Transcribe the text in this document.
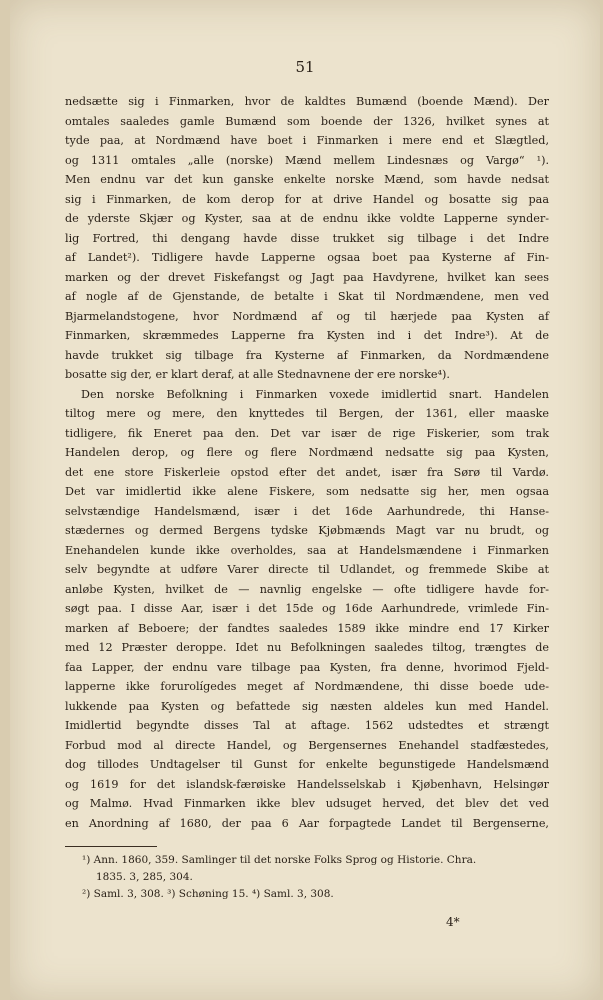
51
nedsætte sig i Finmarken, hvor de kaldtes Bumænd (boende Mænd). Der
omtales saaledes gamle Bumænd som boende der 1326, hvilket synes at
tyde paa, at Nordmænd have boet i Finmarken i mere end et Slægtled,
og 1311 omtales „alle (norske) Mænd mellem Lindesnæs og Vargø“ ¹).
Men endnu var det kun ganske enkelte norske Mænd, som havde nedsat
sig i Finmarken, de kom derop for at drive Handel og bosatte sig paa
de yderste Skjær og Kyster, saa at de endnu ikke voldte Lapperne synder-
lig Fortred, thi dengang havde disse trukket sig tilbage i det Indre
af Landet²). Tidligere havde Lapperne ogsaa boet paa Kysterne af Fin-
marken og der drevet Fiskefangst og Jagt paa Havdyrene, hvilket kan sees
af nogle af de Gjenstande, de betalte i Skat til Nordmændene, men ved
Bjarmelandstogene, hvor Nordmænd af og til hærjede paa Kysten af
Finmarken, skræmmedes Lapperne fra Kysten ind i det Indre³). At de
havde trukket sig tilbage fra Kysterne af Finmarken, da Nordmændene
bosatte sig der, er klart deraf, at alle Stednavnene der ere norske⁴).
Den norske Befolkning i Finmarken voxede imidlertid snart. Handelen
tiltog mere og mere, den knyttedes til Bergen, der 1361, eller maaske
tidligere, fik Eneret paa den. Det var især de rige Fiskerier, som trak
Handelen derop, og flere og flere Nordmænd nedsatte sig paa Kysten,
det ene store Fiskerleie opstod efter det andet, især fra Sørø til Vardø.
Det var imidlertid ikke alene Fiskere, som nedsatte sig her, men ogsaa
selvstændige Handelsmænd, især i det 16de Aarhundrede, thi Hanse-
stædernes og dermed Bergens tydske Kjøbmænds Magt var nu brudt, og
Enehandelen kunde ikke overholdes, saa at Handelsmændene i Finmarken
selv begyndte at udføre Varer directe til Udlandet, og fremmede Skibe at
anløbe Kysten, hvilket de — navnlig engelske — ofte tidligere havde for-
søgt paa. I disse Aar, især i det 15de og 16de Aarhundrede, vrimlede Fin-
marken af Beboere; der fandtes saaledes 1589 ikke mindre end 17 Kirker
med 12 Præster deroppe. Idet nu Befolkningen saaledes tiltog, trængtes de
faa Lapper, der endnu vare tilbage paa Kysten, fra denne, hvorimod Fjeld-
lapperne ikke forurolígedes meget af Nordmændene, thi disse boede ude-
lukkende paa Kysten og befattede sig næsten aldeles kun med Handel.
Imidlertid begyndte disses Tal at aftage. 1562 udstedtes et strængt
Forbud mod al directe Handel, og Bergensernes Enehandel stadfæstedes,
dog tillodes Undtagelser til Gunst for enkelte begunstigede Handelsmænd
og 1619 for det islandsk-færøiske Handelsselskab i Kjøbenhavn, Helsingør
og Malmø. Hvad Finmarken ikke blev udsuget herved, det blev det ved
en Anordning af 1680, der paa 6 Aar forpagtede Landet til Bergenserne,
¹) Ann. 1860, 359. Samlinger til det norske Folks Sprog og Historie. Chra.
1835. 3, 285, 304.
²) Saml. 3, 308. ³) Schøning 15. ⁴) Saml. 3, 308.
4*
